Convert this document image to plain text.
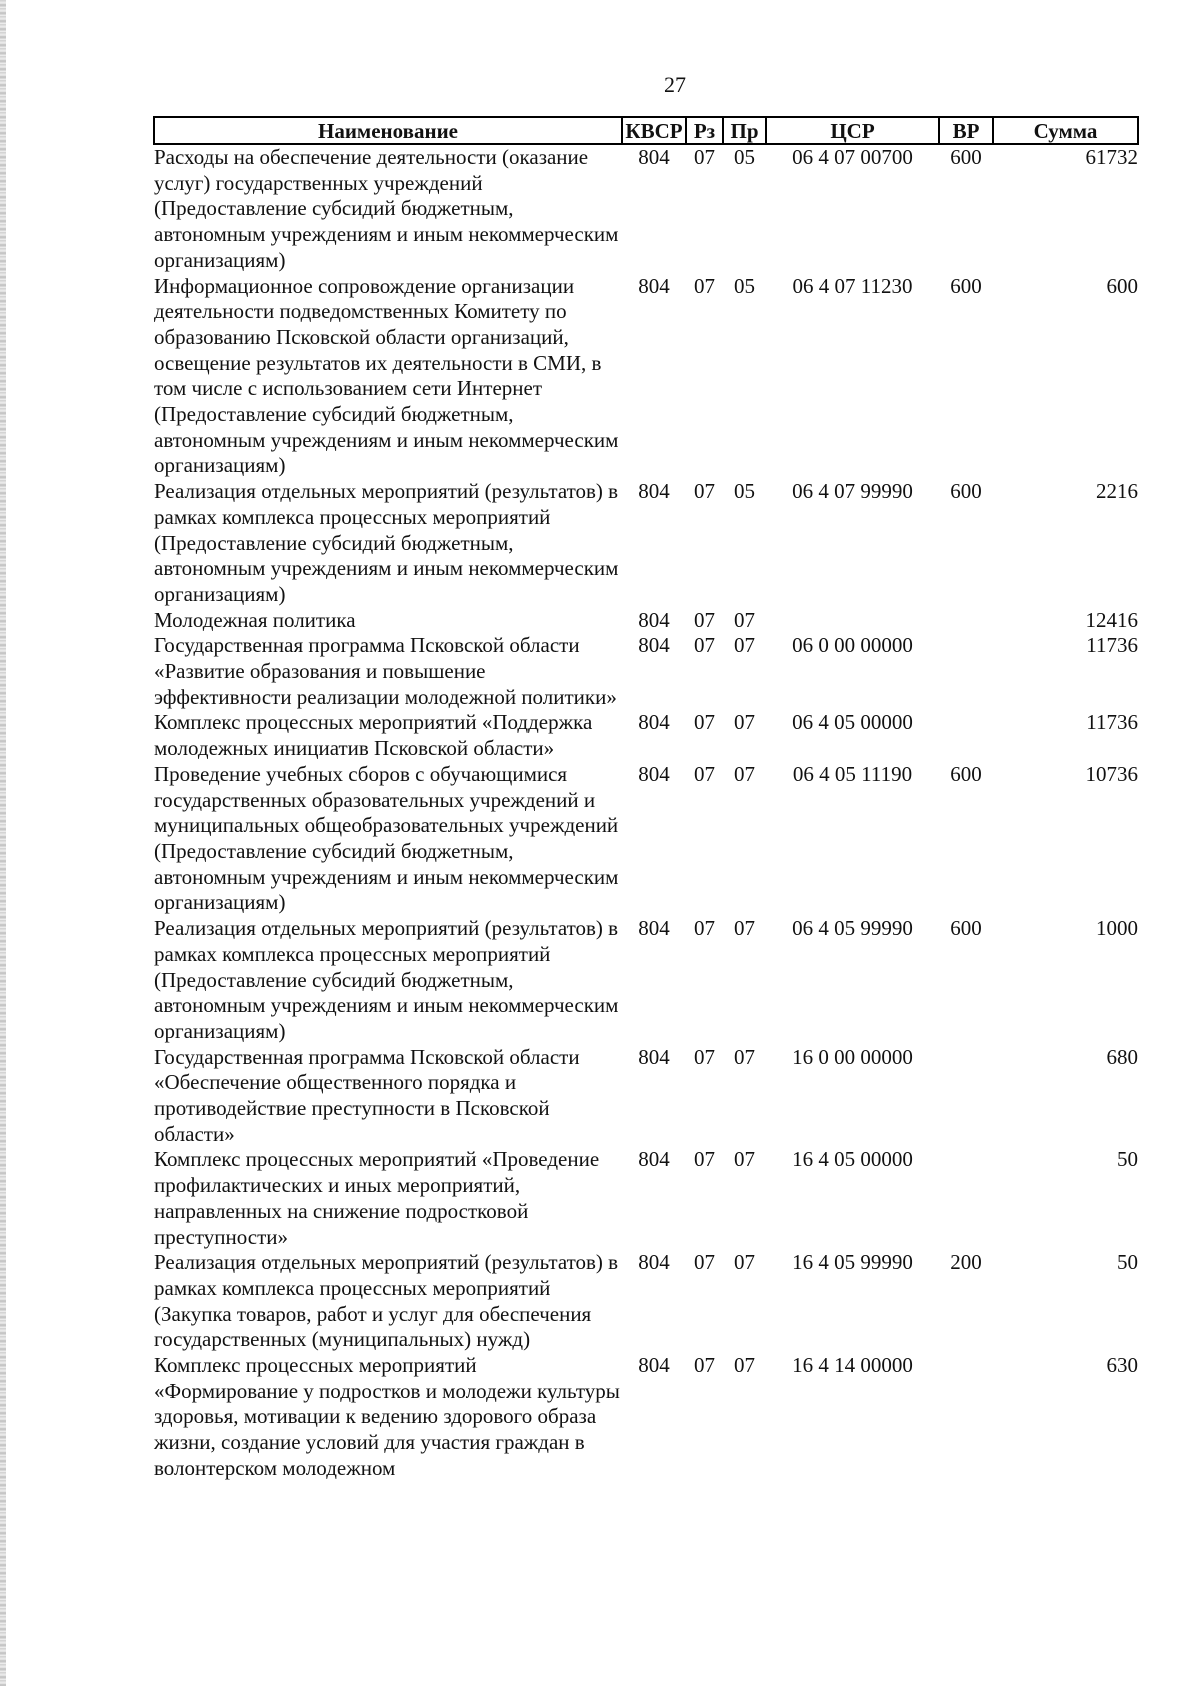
27
Наименование	КВСР	Рз	Пр	ЦСР	ВР	Сумма
Расходы на обеспечение деятельности (оказание услуг) государственных учреждений (Предоставление субсидий бюджетным, автономным учреждениям и иным некоммерческим организациям)	804	07	05	06 4 07 00700	600	61732
Информационное сопровождение организации деятельности подведомственных Комитету по образованию Псковской области организаций, освещение результатов их деятельности в СМИ, в том числе с использованием сети Интернет (Предоставление субсидий бюджетным, автономным учреждениям и иным некоммерческим организациям)	804	07	05	06 4 07 11230	600	600
Реализация отдельных мероприятий (результатов) в рамках комплекса процессных мероприятий (Предоставление субсидий бюджетным, автономным учреждениям и иным некоммерческим организациям)	804	07	05	06 4 07 99990	600	2216
Молодежная политика	804	07	07			12416
Государственная программа Псковской области «Развитие образования и повышение эффективности реализации молодежной политики»	804	07	07	06 0 00 00000		11736
Комплекс процессных мероприятий «Поддержка молодежных инициатив Псковской области»	804	07	07	06 4 05 00000		11736
Проведение учебных сборов с обучающимися государственных образовательных учреждений и муниципальных общеобразовательных учреждений (Предоставление субсидий бюджетным, автономным учреждениям и иным некоммерческим организациям)	804	07	07	06 4 05 11190	600	10736
Реализация отдельных мероприятий (результатов) в рамках комплекса процессных мероприятий (Предоставление субсидий бюджетным, автономным учреждениям и иным некоммерческим организациям)	804	07	07	06 4 05 99990	600	1000
Государственная программа Псковской области «Обеспечение общественного порядка и противодействие преступности в Псковской области»	804	07	07	16 0 00 00000		680
Комплекс процессных мероприятий «Проведение профилактических и иных мероприятий, направленных на снижение подростковой преступности»	804	07	07	16 4 05 00000		50
Реализация отдельных мероприятий (результатов) в рамках комплекса процессных мероприятий (Закупка товаров, работ и услуг для обеспечения государственных (муниципальных) нужд)	804	07	07	16 4 05 99990	200	50
Комплекс процессных мероприятий «Формирование у подростков и молодежи культуры здоровья, мотивации к ведению здорового образа жизни, создание условий для участия граждан в волонтерском молодежном	804	07	07	16 4 14 00000		630
